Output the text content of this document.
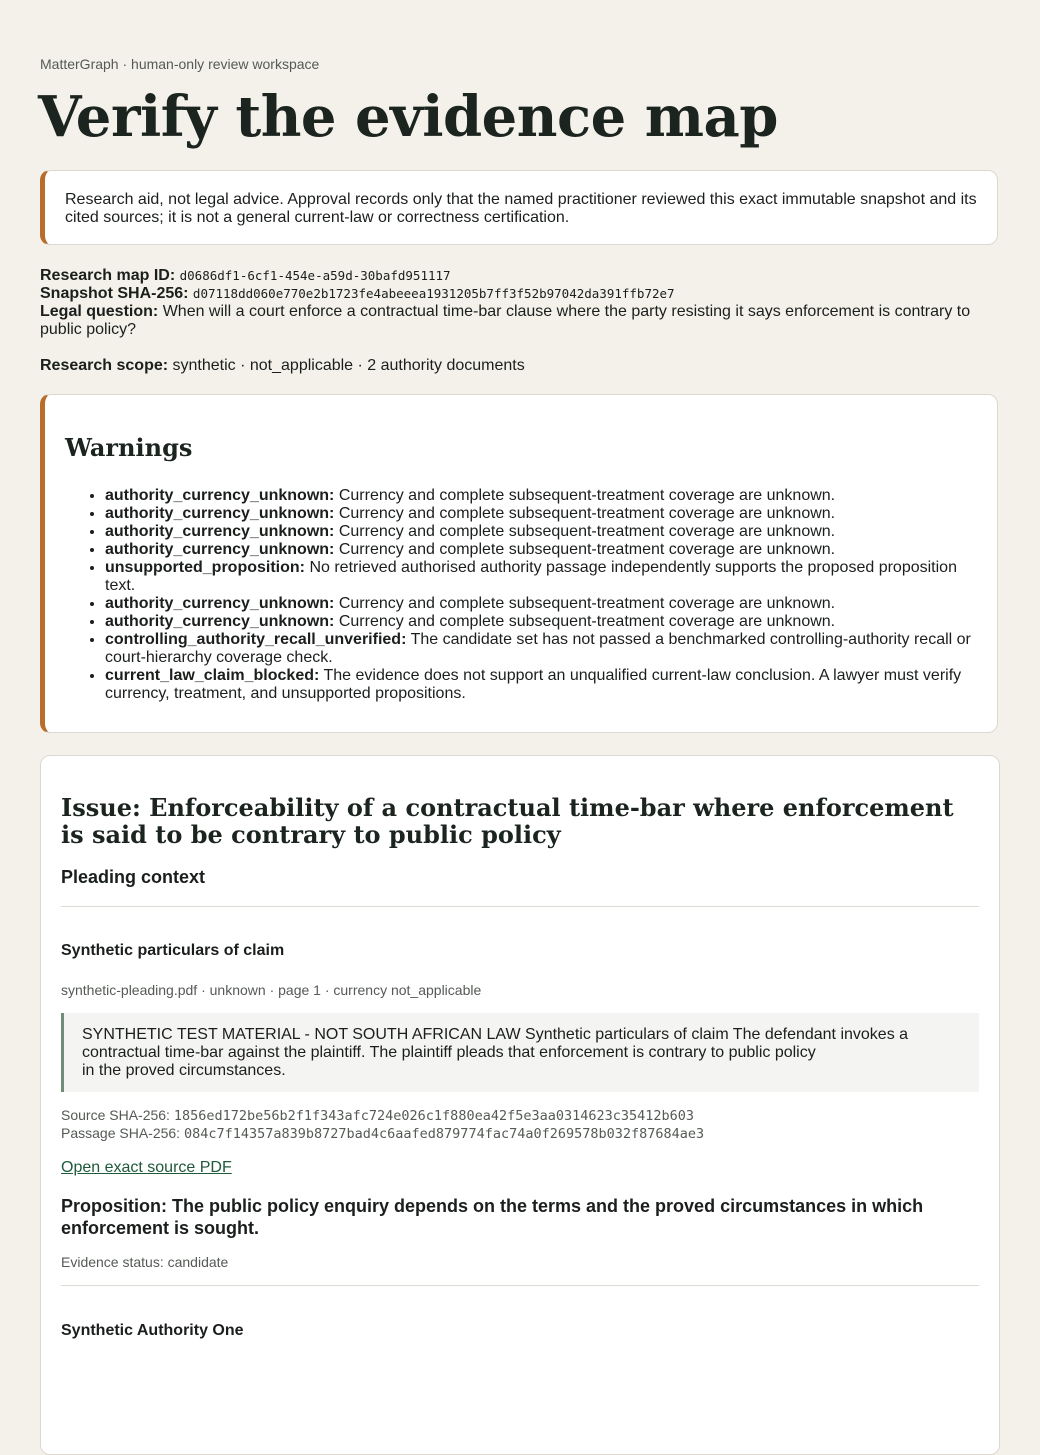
MatterGraph · human-only review workspace
Verify the evidence map
Research aid, not legal advice. Approval records only that the named practitioner reviewed this exact immutable snapshot and its cited sources; it is not a general current-law or correctness certification.
Research map ID: d0686df1-6cf1-454e-a59d-30bafd951117
Snapshot SHA-256: d07118dd060e770e2b1723fe4abeeea1931205b7ff3f52b97042da391ffb72e7
Legal question: When will a court enforce a contractual time-bar clause where the party resisting it says enforcement is contrary to public policy?
Research scope: synthetic · not_applicable · 2 authority documents
Warnings
• authority_currency_unknown: Currency and complete subsequent-treatment coverage are unknown.
• authority_currency_unknown: Currency and complete subsequent-treatment coverage are unknown.
• authority_currency_unknown: Currency and complete subsequent-treatment coverage are unknown.
• authority_currency_unknown: Currency and complete subsequent-treatment coverage are unknown.
• unsupported_proposition: No retrieved authorised authority passage independently supports the proposed proposition text.
• authority_currency_unknown: Currency and complete subsequent-treatment coverage are unknown.
• authority_currency_unknown: Currency and complete subsequent-treatment coverage are unknown.
• controlling_authority_recall_unverified: The candidate set has not passed a benchmarked controlling-authority recall or court-hierarchy coverage check.
• current_law_claim_blocked: The evidence does not support an unqualified current-law conclusion. A lawyer must verify currency, treatment, and unsupported propositions.
Issue: Enforceability of a contractual time-bar where enforcement is said to be contrary to public policy
Pleading context
Synthetic particulars of claim
synthetic-pleading.pdf · unknown · page 1 · currency not_applicable
SYNTHETIC TEST MATERIAL - NOT SOUTH AFRICAN LAW Synthetic particulars of claim The defendant invokes a
contractual time-bar against the plaintiff. The plaintiff pleads that enforcement is contrary to public policy
in the proved circumstances.
Source SHA-256: 1856ed172be56b2f1f343afc724e026c1f880ea42f5e3aa0314623c35412b603
Passage SHA-256: 084c7f14357a839b8727bad4c6aafed879774fac74a0f269578b032f87684ae3
Open exact source PDF
Proposition: The public policy enquiry depends on the terms and the proved circumstances in which enforcement is sought.
Evidence status: candidate
Synthetic Authority One
